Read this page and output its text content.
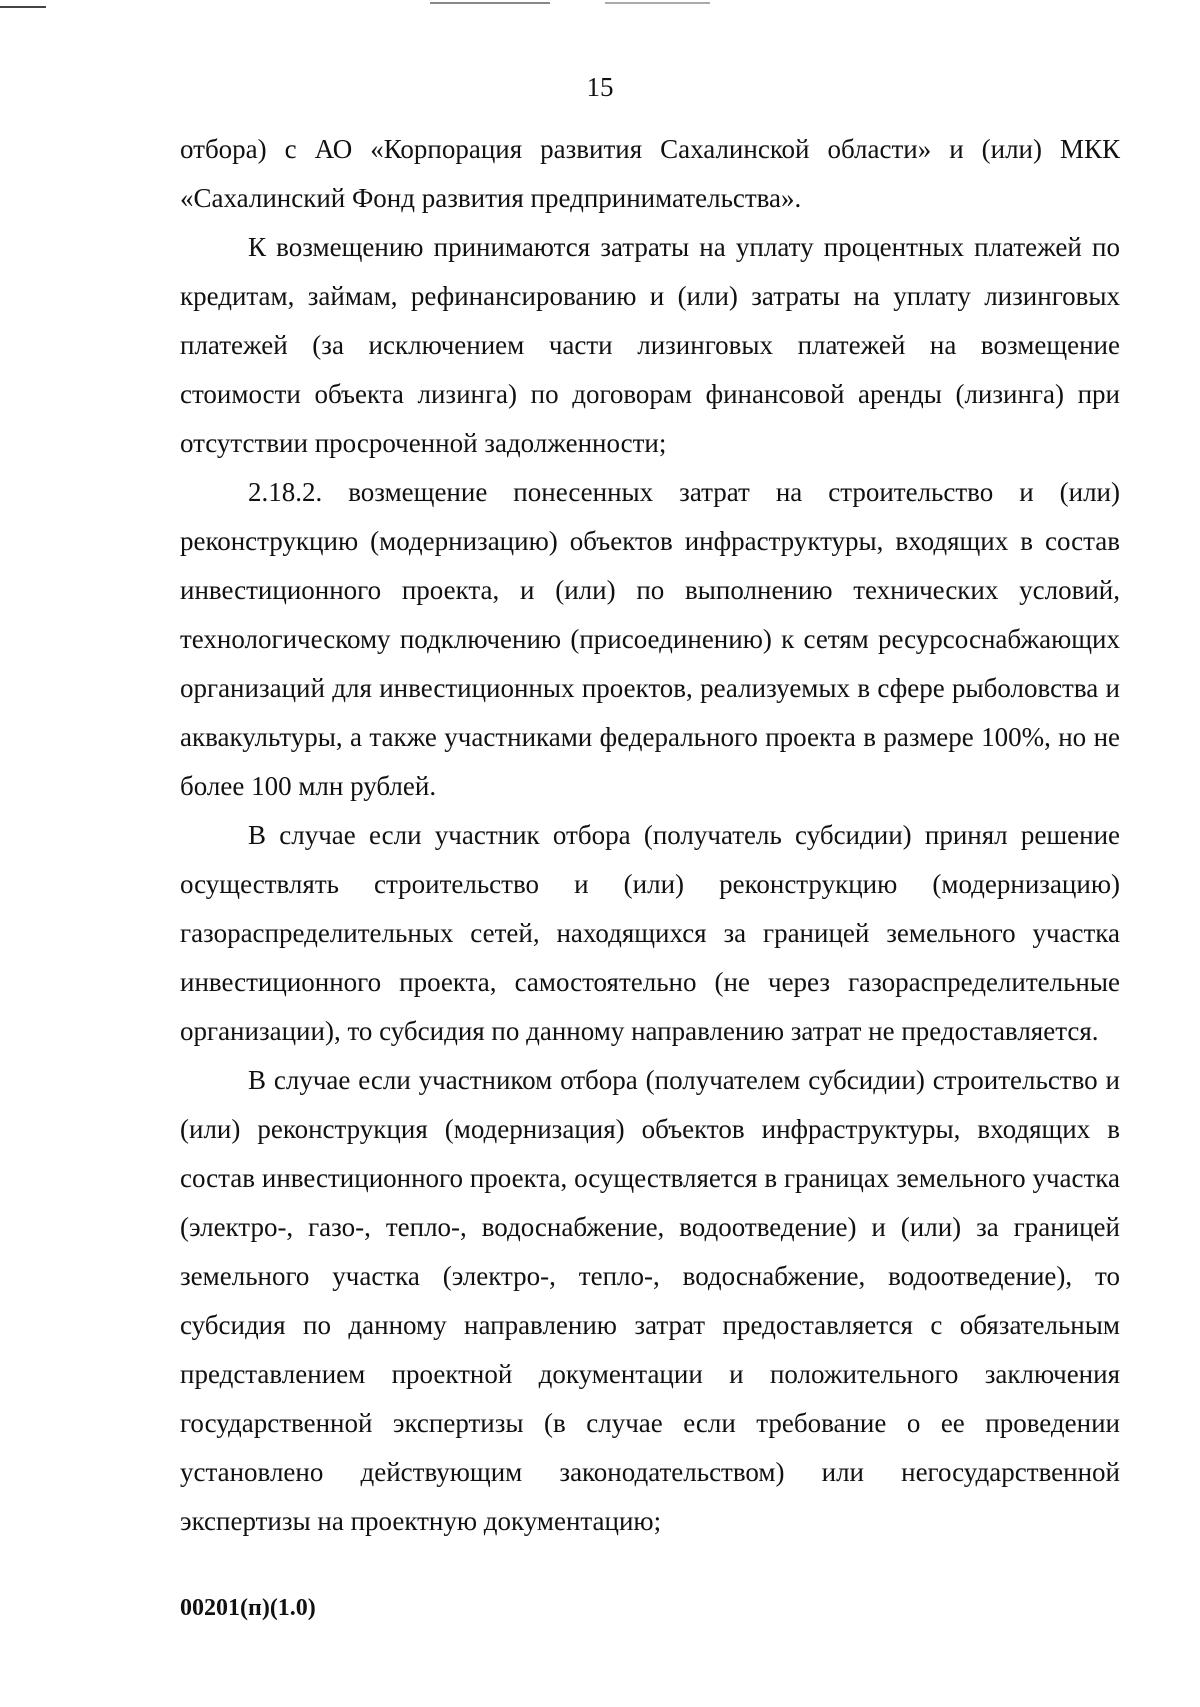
15

отбора) с АО «Корпорация развития Сахалинской области» и (или) МКК «Сахалинский Фонд развития предпринимательства».

К возмещению принимаются затраты на уплату процентных платежей по кредитам, займам, рефинансированию и (или) затраты на уплату лизинговых платежей (за исключением части лизинговых платежей на возмещение стоимости объекта лизинга) по договорам финансовой аренды (лизинга) при отсутствии просроченной задолженности;

2.18.2. возмещение понесенных затрат на строительство и (или) реконструкцию (модернизацию) объектов инфраструктуры, входящих в состав инвестиционного проекта, и (или) по выполнению технических условий, технологическому подключению (присоединению) к сетям ресурсоснабжающих организаций для инвестиционных проектов, реализуемых в сфере рыболовства и аквакультуры, а также участниками федерального проекта в размере 100%, но не более 100 млн рублей.

В случае если участник отбора (получатель субсидии) принял решение осуществлять строительство и (или) реконструкцию (модернизацию) газораспределительных сетей, находящихся за границей земельного участка инвестиционного проекта, самостоятельно (не через газораспределительные организации), то субсидия по данному направлению затрат не предоставляется.

В случае если участником отбора (получателем субсидии) строительство и (или) реконструкция (модернизация) объектов инфраструктуры, входящих в состав инвестиционного проекта, осуществляется в границах земельного участка (электро-, газо-, тепло-, водоснабжение, водоотведение) и (или) за границей земельного участка (электро-, тепло-, водоснабжение, водоотведение), то субсидия по данному направлению затрат предоставляется с обязательным представлением проектной документации и положительного заключения государственной экспертизы (в случае если требование о ее проведении установлено действующим законодательством) или негосударственной экспертизы на проектную документацию;

00201(п)(1.0)
